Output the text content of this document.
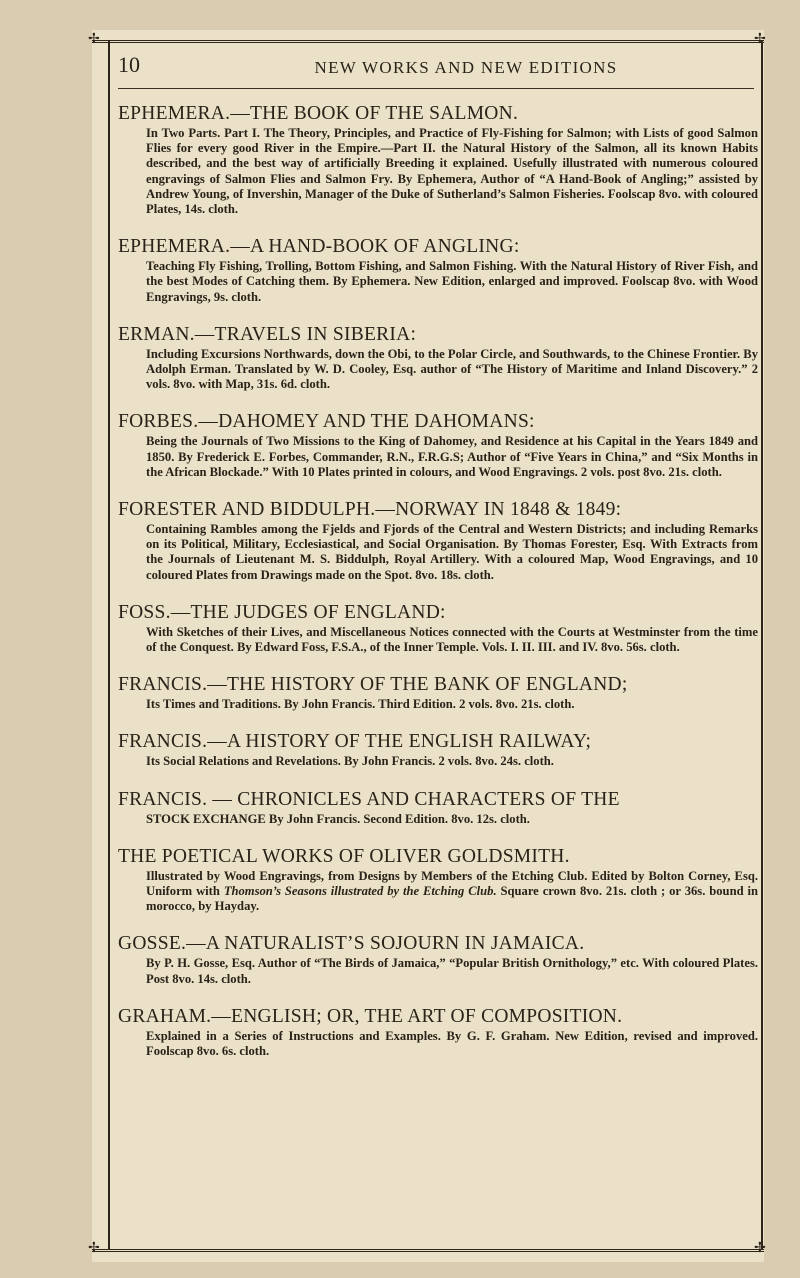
✢	✢
✢	✢
10	NEW WORKS AND NEW EDITIONS
EPHEMERA.—THE BOOK OF THE SALMON.

In Two Parts. Part I. The Theory, Principles, and Practice of Fly-Fishing for Salmon; with Lists of good Salmon Flies for every good River in the Empire.—Part II. the Natural History of the Salmon, all its known Habits described, and the best way of artificially Breeding it explained. Usefully illustrated with numerous coloured engravings of Salmon Flies and Salmon Fry. By Ephemera, Author of “A Hand-Book of Angling;” assisted by Andrew Young, of Invershin, Manager of the Duke of Sutherland’s Salmon Fisheries. Foolscap 8vo. with coloured Plates, 14s. cloth.

EPHEMERA.—A HAND-BOOK OF ANGLING:

Teaching Fly Fishing, Trolling, Bottom Fishing, and Salmon Fishing. With the Natural History of River Fish, and the best Modes of Catching them. By Ephemera. New Edition, enlarged and improved. Foolscap 8vo. with Wood Engravings, 9s. cloth.

ERMAN.—TRAVELS IN SIBERIA:

Including Excursions Northwards, down the Obi, to the Polar Circle, and Southwards, to the Chinese Frontier. By Adolph Erman. Translated by W. D. Cooley, Esq. author of “The History of Maritime and Inland Discovery.” 2 vols. 8vo. with Map, 31s. 6d. cloth.

FORBES.—DAHOMEY AND THE DAHOMANS:

Being the Journals of Two Missions to the King of Dahomey, and Residence at his Capital in the Years 1849 and 1850. By Frederick E. Forbes, Commander, R.N., F.R.G.S; Author of “Five Years in China,” and “Six Months in the African Blockade.” With 10 Plates printed in colours, and Wood Engravings. 2 vols. post 8vo. 21s. cloth.

FORESTER AND BIDDULPH.—NORWAY IN 1848 & 1849:

Containing Rambles among the Fjelds and Fjords of the Central and Western Districts; and including Remarks on its Political, Military, Ecclesiastical, and Social Organisation. By Thomas Forester, Esq. With Extracts from the Journals of Lieutenant M. S. Biddulph, Royal Artillery. With a coloured Map, Wood Engravings, and 10 coloured Plates from Drawings made on the Spot. 8vo. 18s. cloth.

FOSS.—THE JUDGES OF ENGLAND:

With Sketches of their Lives, and Miscellaneous Notices connected with the Courts at Westminster from the time of the Conquest. By Edward Foss, F.S.A., of the Inner Temple. Vols. I. II. III. and IV. 8vo. 56s. cloth.

FRANCIS.—THE HISTORY OF THE BANK OF ENGLAND;

Its Times and Traditions. By John Francis. Third Edition. 2 vols. 8vo. 21s. cloth.

FRANCIS.—A HISTORY OF THE ENGLISH RAILWAY;

Its Social Relations and Revelations. By John Francis. 2 vols. 8vo. 24s. cloth.

FRANCIS. — CHRONICLES AND CHARACTERS OF THE

STOCK EXCHANGE By John Francis. Second Edition. 8vo. 12s. cloth.

THE POETICAL WORKS OF OLIVER GOLDSMITH.

Illustrated by Wood Engravings, from Designs by Members of the Etching Club. Edited by Bolton Corney, Esq. Uniform with Thomson’s Seasons illustrated by the Etching Club. Square crown 8vo. 21s. cloth ; or 36s. bound in morocco, by Hayday.

GOSSE.—A NATURALIST’S SOJOURN IN JAMAICA.

By P. H. Gosse, Esq. Author of “The Birds of Jamaica,” “Popular British Ornithology,” etc. With coloured Plates. Post 8vo. 14s. cloth.

GRAHAM.—ENGLISH; OR, THE ART OF COMPOSITION.

Explained in a Series of Instructions and Examples. By G. F. Graham. New Edition, revised and improved. Foolscap 8vo. 6s. cloth.
